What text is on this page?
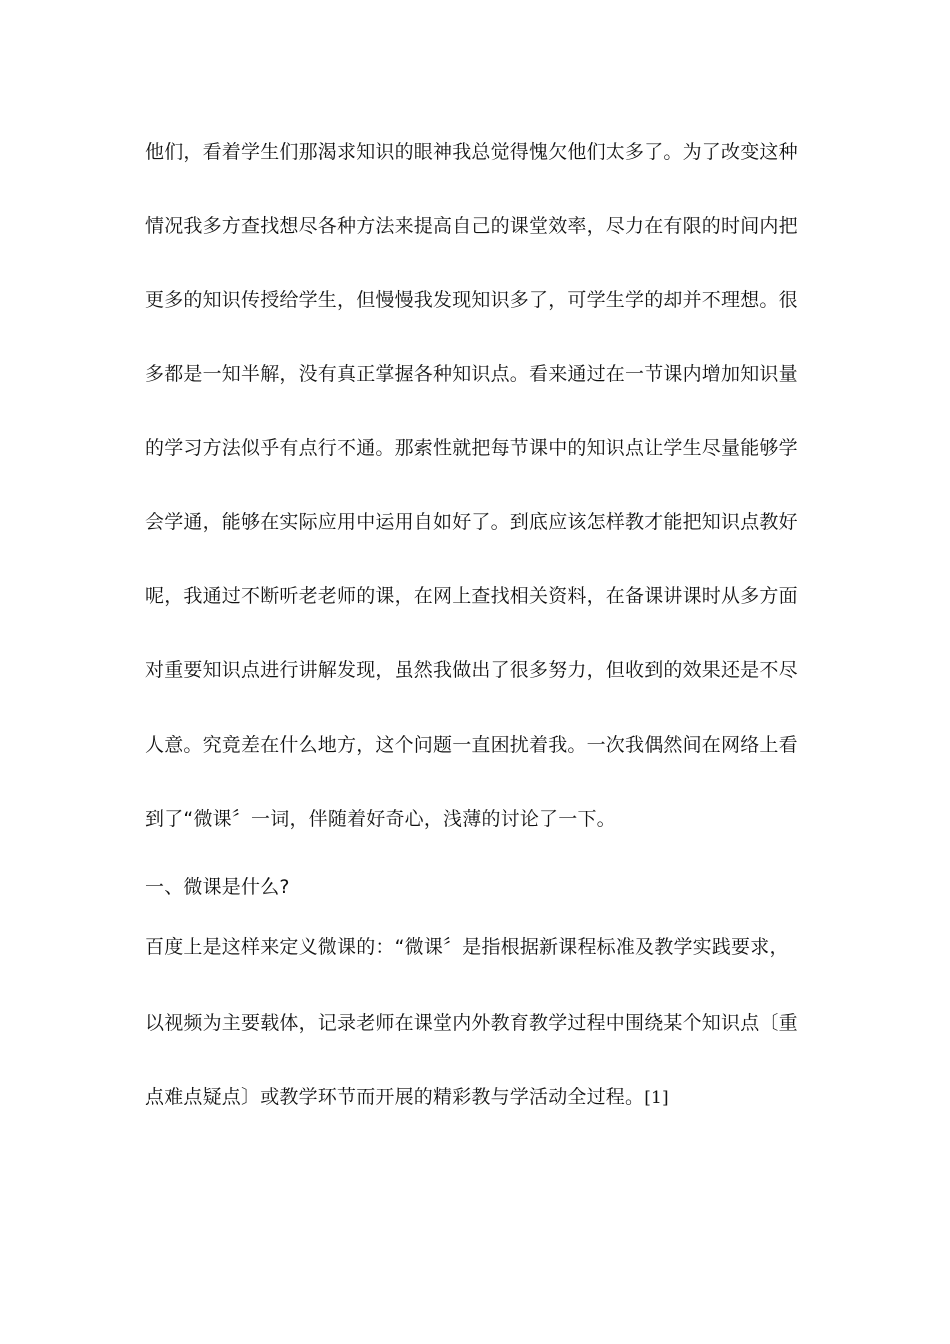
他们，看着学生们那渴求知识的眼神我总觉得愧欠他们太多了。为了改变这种
情况我多方查找想尽各种方法来提高自己的课堂效率，尽力在有限的时间内把
更多的知识传授给学生，但慢慢我发现知识多了，可学生学的却并不理想。很
多都是一知半解，没有真正掌握各种知识点。看来通过在一节课内增加知识量
的学习方法似乎有点行不通。那索性就把每节课中的知识点让学生尽量能够学
会学通，能够在实际应用中运用自如好了。到底应该怎样教才能把知识点教好
呢，我通过不断听老老师的课，在网上查找相关资料，在备课讲课时从多方面
对重要知识点进行讲解发现，虽然我做出了很多努力，但收到的效果还是不尽
人意。究竟差在什么地方，这个问题一直困扰着我。一次我偶然间在网络上看
到了“微课〞一词，伴随着好奇心，浅薄的讨论了一下。
一、微课是什么?
百度上是这样来定义微课的：“微课〞是指根据新课程标准及教学实践要求，
以视频为主要载体，记录老师在课堂内外教育教学过程中围绕某个知识点〔重
点难点疑点〕或教学环节而开展的精彩教与学活动全过程。[1]
